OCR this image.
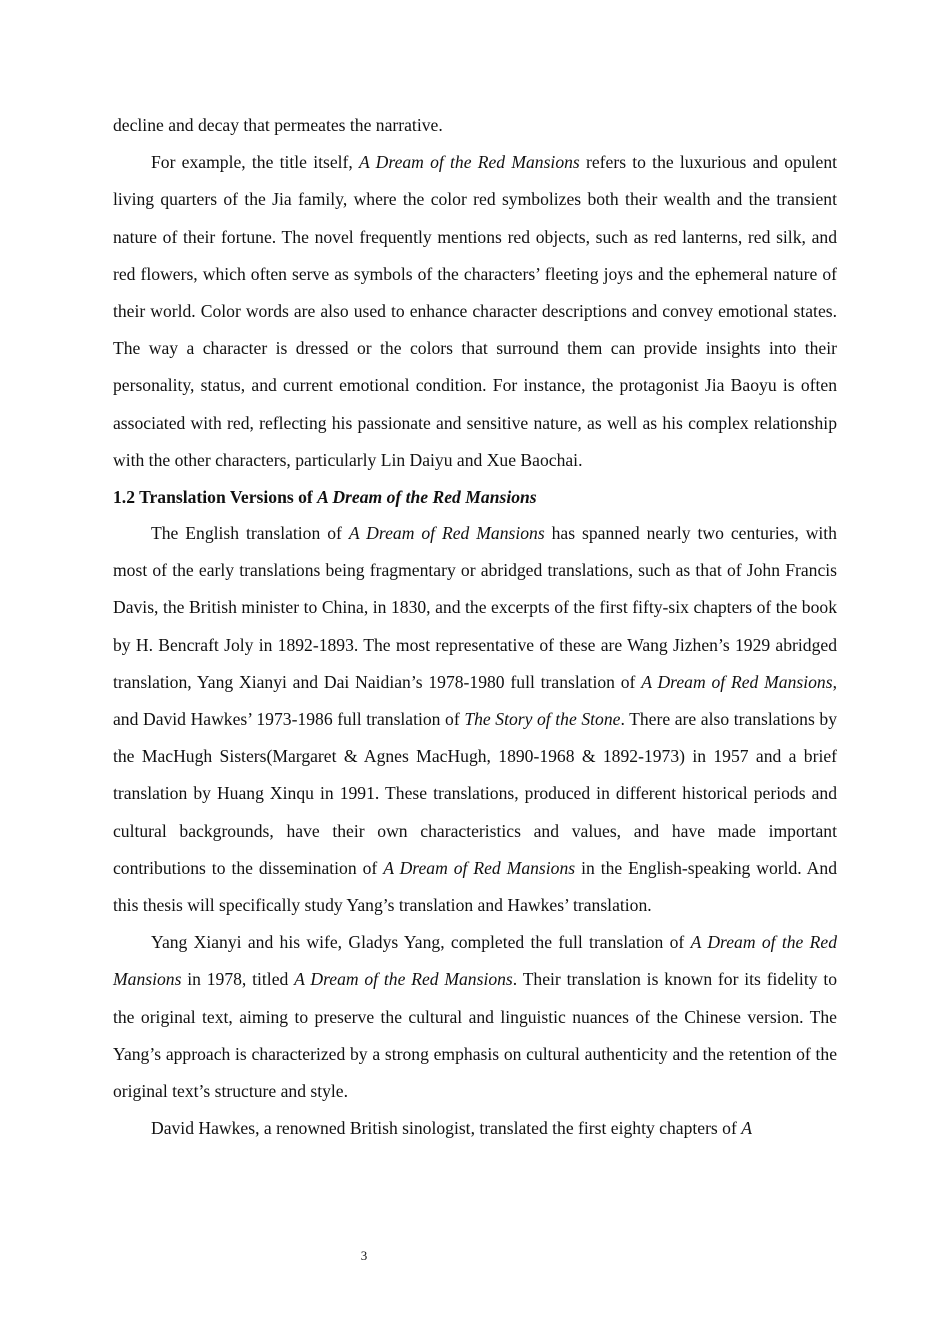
decline and decay that permeates the narrative.

For example, the title itself, A Dream of the Red Mansions refers to the luxurious and opulent living quarters of the Jia family, where the color red symbolizes both their wealth and the transient nature of their fortune. The novel frequently mentions red objects, such as red lanterns, red silk, and red flowers, which often serve as symbols of the characters’ fleeting joys and the ephemeral nature of their world. Color words are also used to enhance character descriptions and convey emotional states. The way a character is dressed or the colors that surround them can provide insights into their personality, status, and current emotional condition. For instance, the protagonist Jia Baoyu is often associated with red, reflecting his passionate and sensitive nature, as well as his complex relationship with the other characters, particularly Lin Daiyu and Xue Baochai.

1.2 Translation Versions of A Dream of the Red Mansions

The English translation of A Dream of Red Mansions has spanned nearly two centuries, with most of the early translations being fragmentary or abridged translations, such as that of John Francis Davis, the British minister to China, in 1830, and the excerpts of the first fifty-six chapters of the book by H. Bencraft Joly in 1892-1893. The most representative of these are Wang Jizhen’s 1929 abridged translation, Yang Xianyi and Dai Naidian’s 1978-1980 full translation of A Dream of Red Mansions, and David Hawkes’ 1973-1986 full translation of The Story of the Stone. There are also translations by the MacHugh Sisters(Margaret & Agnes MacHugh, 1890-1968 & 1892-1973) in 1957 and a brief translation by Huang Xinqu in 1991. These translations, produced in different historical periods and cultural backgrounds, have their own characteristics and values, and have made important contributions to the dissemination of A Dream of Red Mansions in the English-speaking world. And this thesis will specifically study Yang’s translation and Hawkes’ translation.

Yang Xianyi and his wife, Gladys Yang, completed the full translation of A Dream of the Red Mansions in 1978, titled A Dream of the Red Mansions. Their translation is known for its fidelity to the original text, aiming to preserve the cultural and linguistic nuances of the Chinese version. The Yang’s approach is characterized by a strong emphasis on cultural authenticity and the retention of the original text’s structure and style.

David Hawkes, a renowned British sinologist, translated the first eighty chapters of A

3
